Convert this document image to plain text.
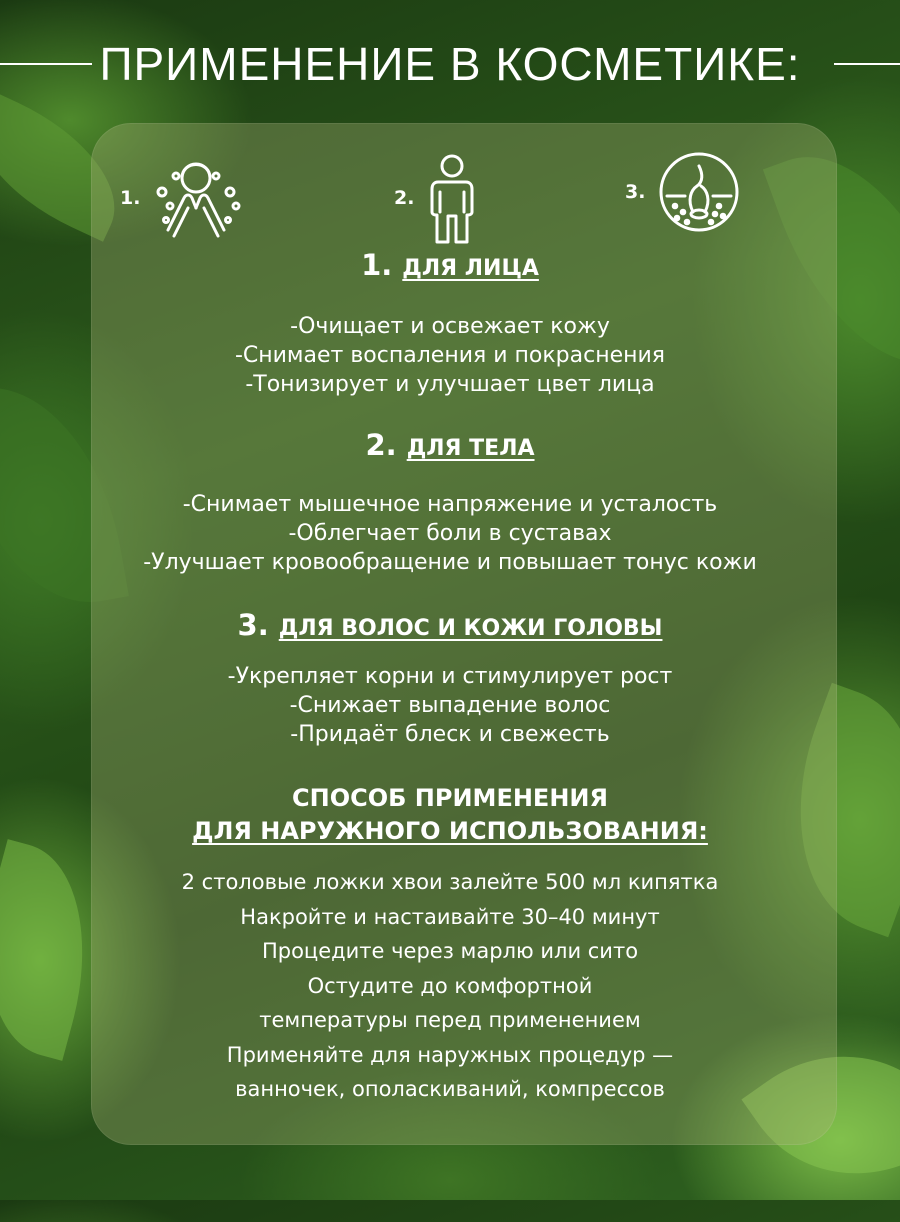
ПРИМЕНЕНИЕ В КОСМЕТИКЕ:
1.	2.	3.
1. ДЛЯ ЛИЦА
-Очищает и освежает кожу
-Снимает воспаления и покраснения
-Тонизирует и улучшает цвет лица
2. ДЛЯ ТЕЛА
-Снимает мышечное напряжение и усталость
-Облегчает боли в суставах
-Улучшает кровообращение и повышает тонус кожи
3. ДЛЯ ВОЛОС И КОЖИ ГОЛОВЫ
-Укрепляет корни и стимулирует рост
-Снижает выпадение волос
-Придаёт блеск и свежесть
СПОСОБ ПРИМЕНЕНИЯ
ДЛЯ НАРУЖНОГО ИСПОЛЬЗОВАНИЯ:
2 столовые ложки хвои залейте 500 мл кипятка
Накройте и настаивайте 30–40 минут
Процедите через марлю или сито
Остудите до комфортной
температуры перед применением
Применяйте для наружных процедур —
ванночек, ополаскиваний, компрессов
